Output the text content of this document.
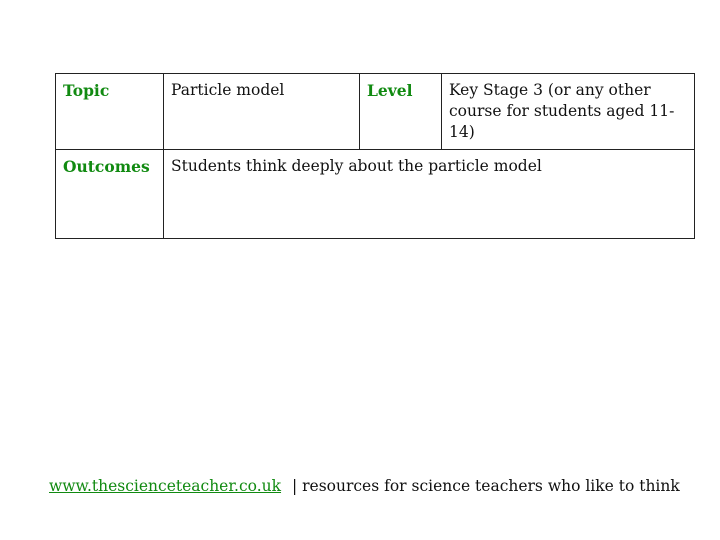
Topic	Particle model	Level	Key Stage 3 (or any other course for students aged 11-14)
Outcomes	Students think deeply about the particle model		
www.thescienceteacher.co.uk | resources for science teachers who like to think
